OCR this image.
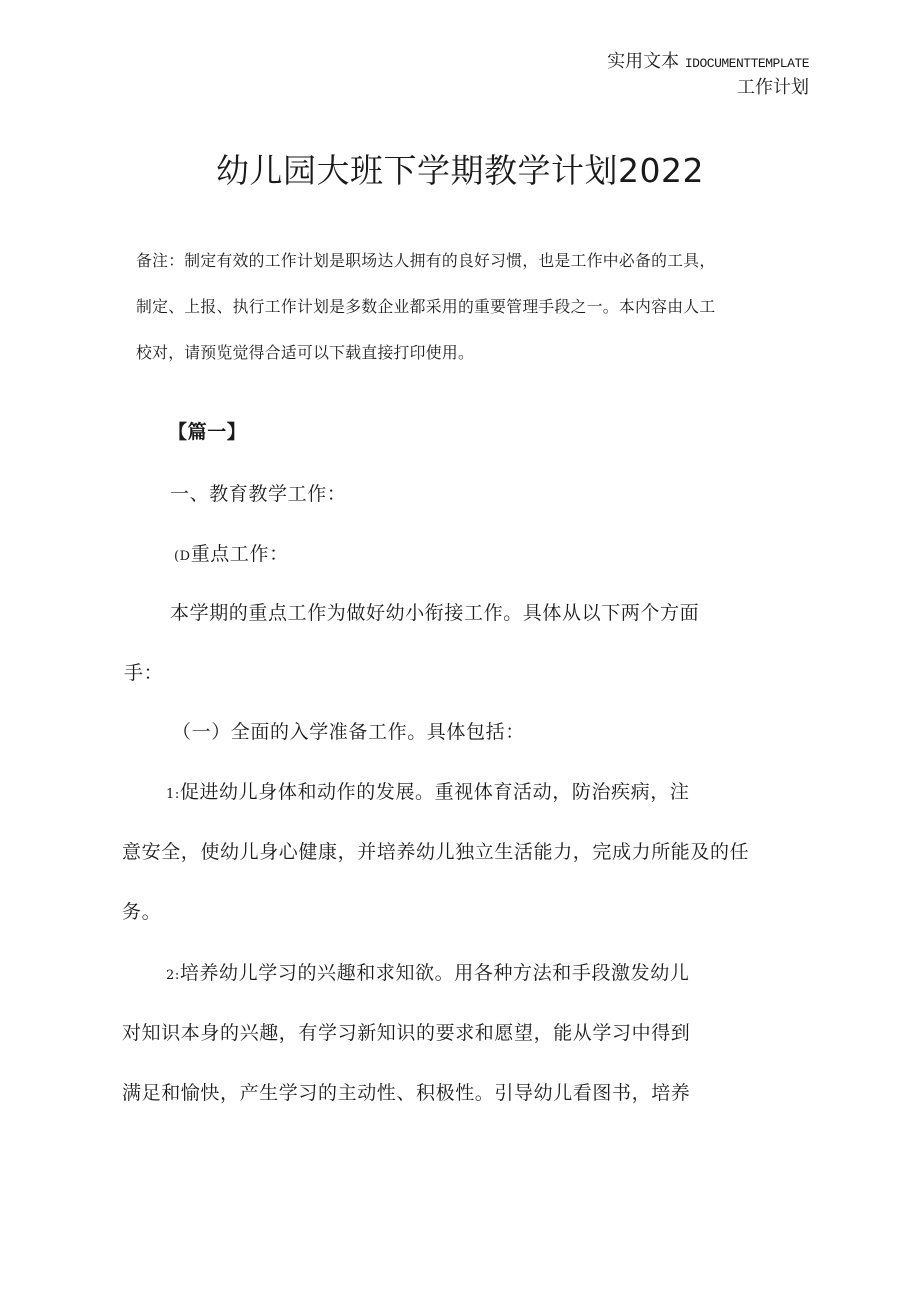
实用文本 IDOCUMENTTEMPLATE
工作计划
幼儿园大班下学期教学计划2022
备注：制定有效的工作计划是职场达人拥有的良好习惯，也是工作中必备的工具，
制定、上报、执行工作计划是多数企业都采用的重要管理手段之一。本内容由人工
校对，请预览觉得合适可以下载直接打印使用。
【篇一】
一、教育教学工作：
(D重点工作：
本学期的重点工作为做好幼小衔接工作。具体从以下两个方面
手：
（一）全面的入学准备工作。具体包括：
1:促进幼儿身体和动作的发展。重视体育活动，防治疾病，注
意安全，使幼儿身心健康，并培养幼儿独立生活能力，完成力所能及的任
务。
2:培养幼儿学习的兴趣和求知欲。用各种方法和手段激发幼儿
对知识本身的兴趣，有学习新知识的要求和愿望，能从学习中得到
满足和愉快，产生学习的主动性、积极性。引导幼儿看图书，培养
